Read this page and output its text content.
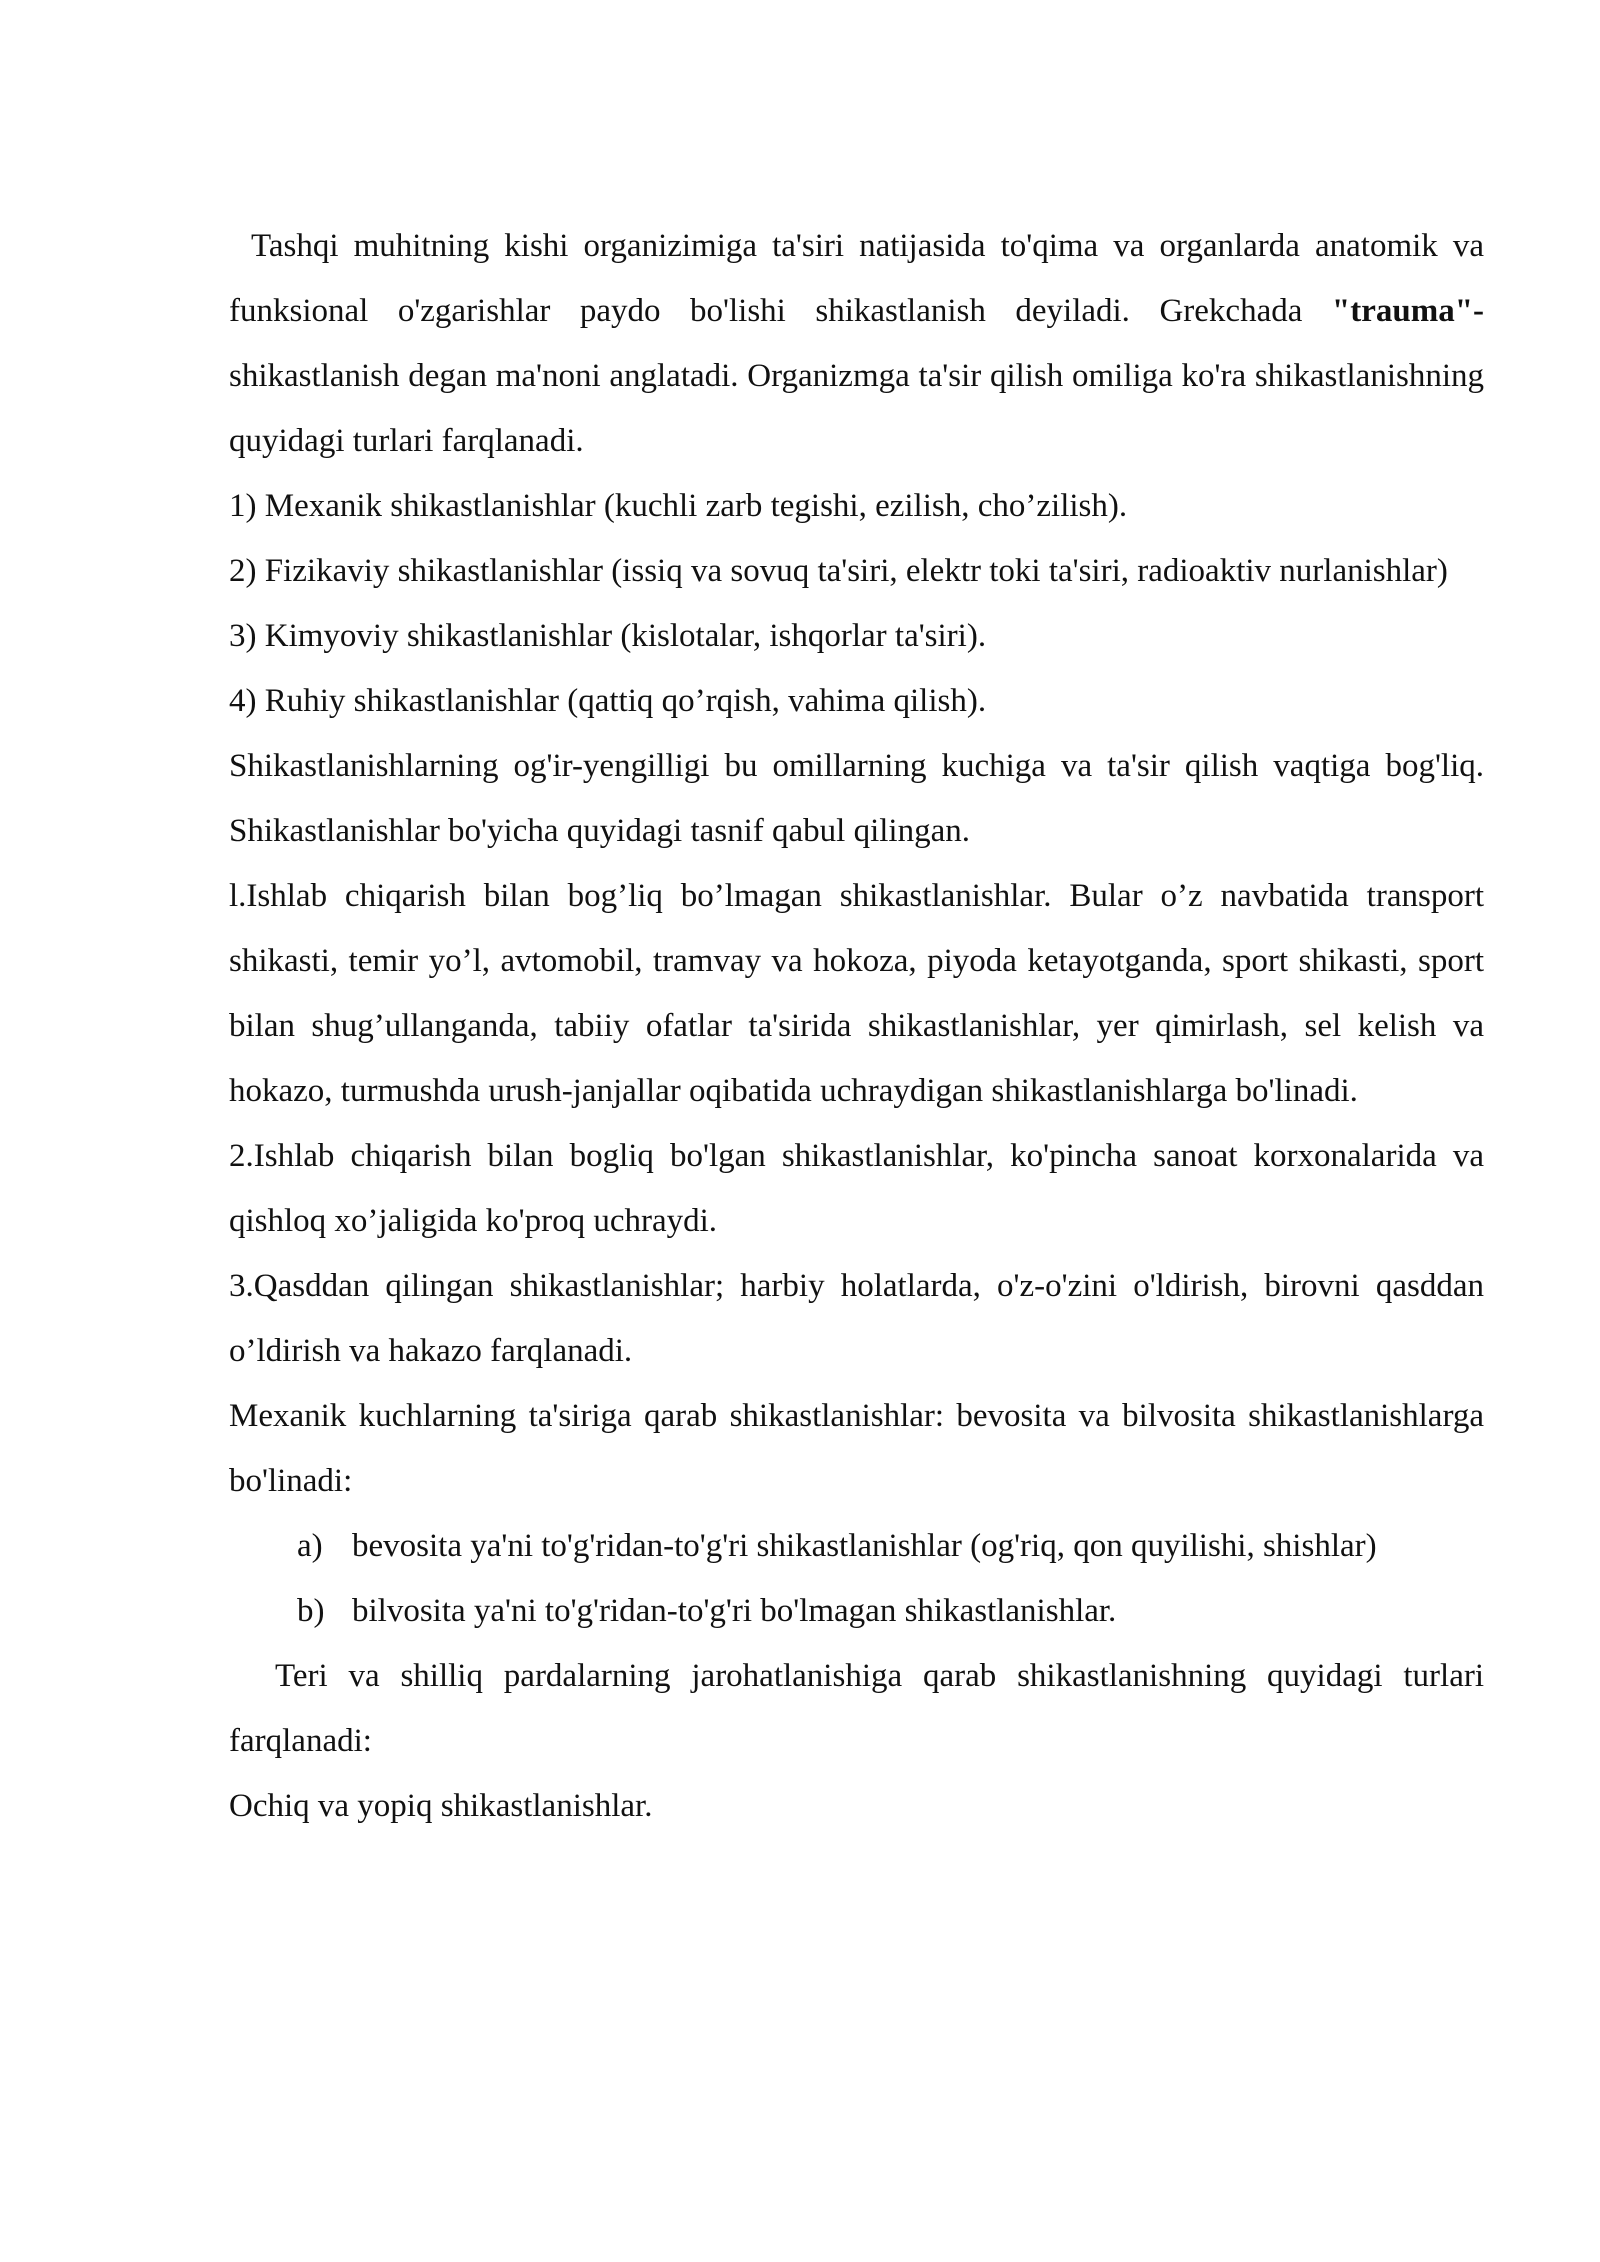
Tashqi muhitning kishi organizimiga ta'siri natijasida to'qima va organlarda anatomik va funksional o'zgarishlar paydo bo'lishi shikastlanish deyiladi. Grekchada "trauma"- shikastlanish degan ma'noni anglatadi. Organizmga ta'sir qilish omiliga ko'ra shikastlanishning quyidagi turlari farqlanadi.

1) Mexanik shikastlanishlar (kuchli zarb tegishi, ezilish, cho’zilish).

2) Fizikaviy shikastlanishlar (issiq va sovuq ta'siri, elektr toki ta'siri, radioaktiv nurlanishlar)

3) Kimyoviy shikastlanishlar (kislotalar, ishqorlar ta'siri).

4) Ruhiy shikastlanishlar (qattiq qo’rqish, vahima qilish).

Shikastlanishlarning og'ir-yengilligi bu omillarning kuchiga va ta'sir qilish vaqtiga bog'liq. Shikastlanishlar bo'yicha quyidagi tasnif qabul qilingan.

l.Ishlab chiqarish bilan bog’liq bo’lmagan shikastlanishlar. Bular o’z navbatida transport shikasti, temir yo’l, avtomobil, tramvay va hokoza, piyoda ketayotganda, sport shikasti, sport bilan shug’ullanganda, tabiiy ofatlar ta'sirida shikastlanishlar, yer qimirlash, sel kelish va hokazo, turmushda urush-janjallar oqibatida uchraydigan shikastlanishlarga bo'linadi.

2.Ishlab chiqarish bilan bogliq bo'lgan shikastlanishlar, ko'pincha sanoat korxonalarida va qishloq xo’jaligida ko'proq uchraydi.

3.Qasddan qilingan shikastlanishlar; harbiy holatlarda, o'z-o'zini o'ldirish, birovni qasddan o’ldirish va hakazo farqlanadi.

Mexanik kuchlarning ta'siriga qarab shikastlanishlar: bevosita va bilvosita shikastlanishlarga bo'linadi:

a) bevosita ya'ni to'g'ridan-to'g'ri shikastlanishlar (og'riq, qon quyilishi, shishlar)
b) bilvosita ya'ni to'g'ridan-to'g'ri bo'lmagan shikastlanishlar.

Teri va shilliq pardalarning jarohatlanishiga qarab shikastlanishning quyidagi turlari farqlanadi:

Ochiq va yopiq shikastlanishlar.
